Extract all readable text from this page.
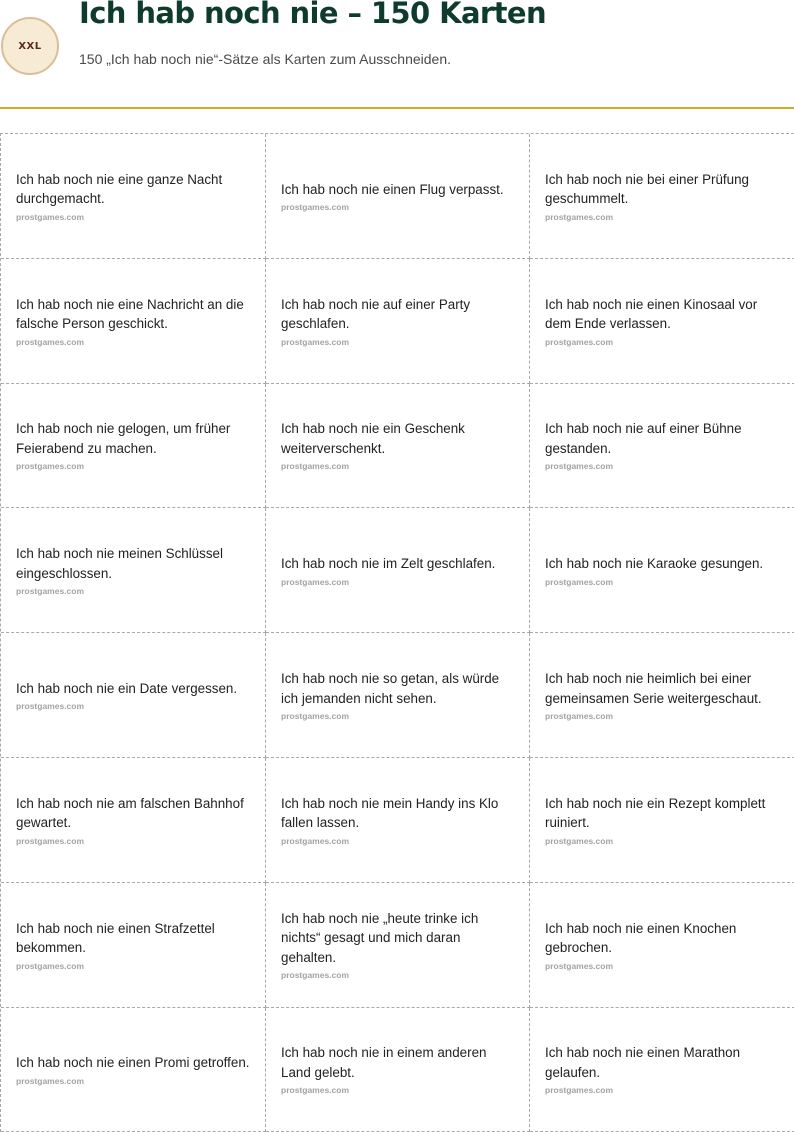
XXL
Ich hab noch nie – 150 Karten

150 „Ich hab noch nie“-Sätze als Karten zum Ausschneiden.

Ich hab noch nie eine ganze Nacht durchgemacht.
prostgames.com
Ich hab noch nie einen Flug verpasst.
prostgames.com
Ich hab noch nie bei einer Prüfung geschummelt.
prostgames.com
Ich hab noch nie eine Nachricht an die falsche Person geschickt.
prostgames.com
Ich hab noch nie auf einer Party geschlafen.
prostgames.com
Ich hab noch nie einen Kinosaal vor dem Ende verlassen.
prostgames.com
Ich hab noch nie gelogen, um früher Feierabend zu machen.
prostgames.com
Ich hab noch nie ein Geschenk weiterverschenkt.
prostgames.com
Ich hab noch nie auf einer Bühne gestanden.
prostgames.com
Ich hab noch nie meinen Schlüssel eingeschlossen.
prostgames.com
Ich hab noch nie im Zelt geschlafen.
prostgames.com
Ich hab noch nie Karaoke gesungen.
prostgames.com
Ich hab noch nie ein Date vergessen.
prostgames.com
Ich hab noch nie so getan, als würde ich jemanden nicht sehen.
prostgames.com
Ich hab noch nie heimlich bei einer gemeinsamen Serie weitergeschaut.
prostgames.com
Ich hab noch nie am falschen Bahnhof gewartet.
prostgames.com
Ich hab noch nie mein Handy ins Klo fallen lassen.
prostgames.com
Ich hab noch nie ein Rezept komplett ruiniert.
prostgames.com
Ich hab noch nie einen Strafzettel bekommen.
prostgames.com
Ich hab noch nie „heute trinke ich nichts“ gesagt und mich daran gehalten.
prostgames.com
Ich hab noch nie einen Knochen gebrochen.
prostgames.com
Ich hab noch nie einen Promi getroffen.
prostgames.com
Ich hab noch nie in einem anderen Land gelebt.
prostgames.com
Ich hab noch nie einen Marathon gelaufen.
prostgames.com
